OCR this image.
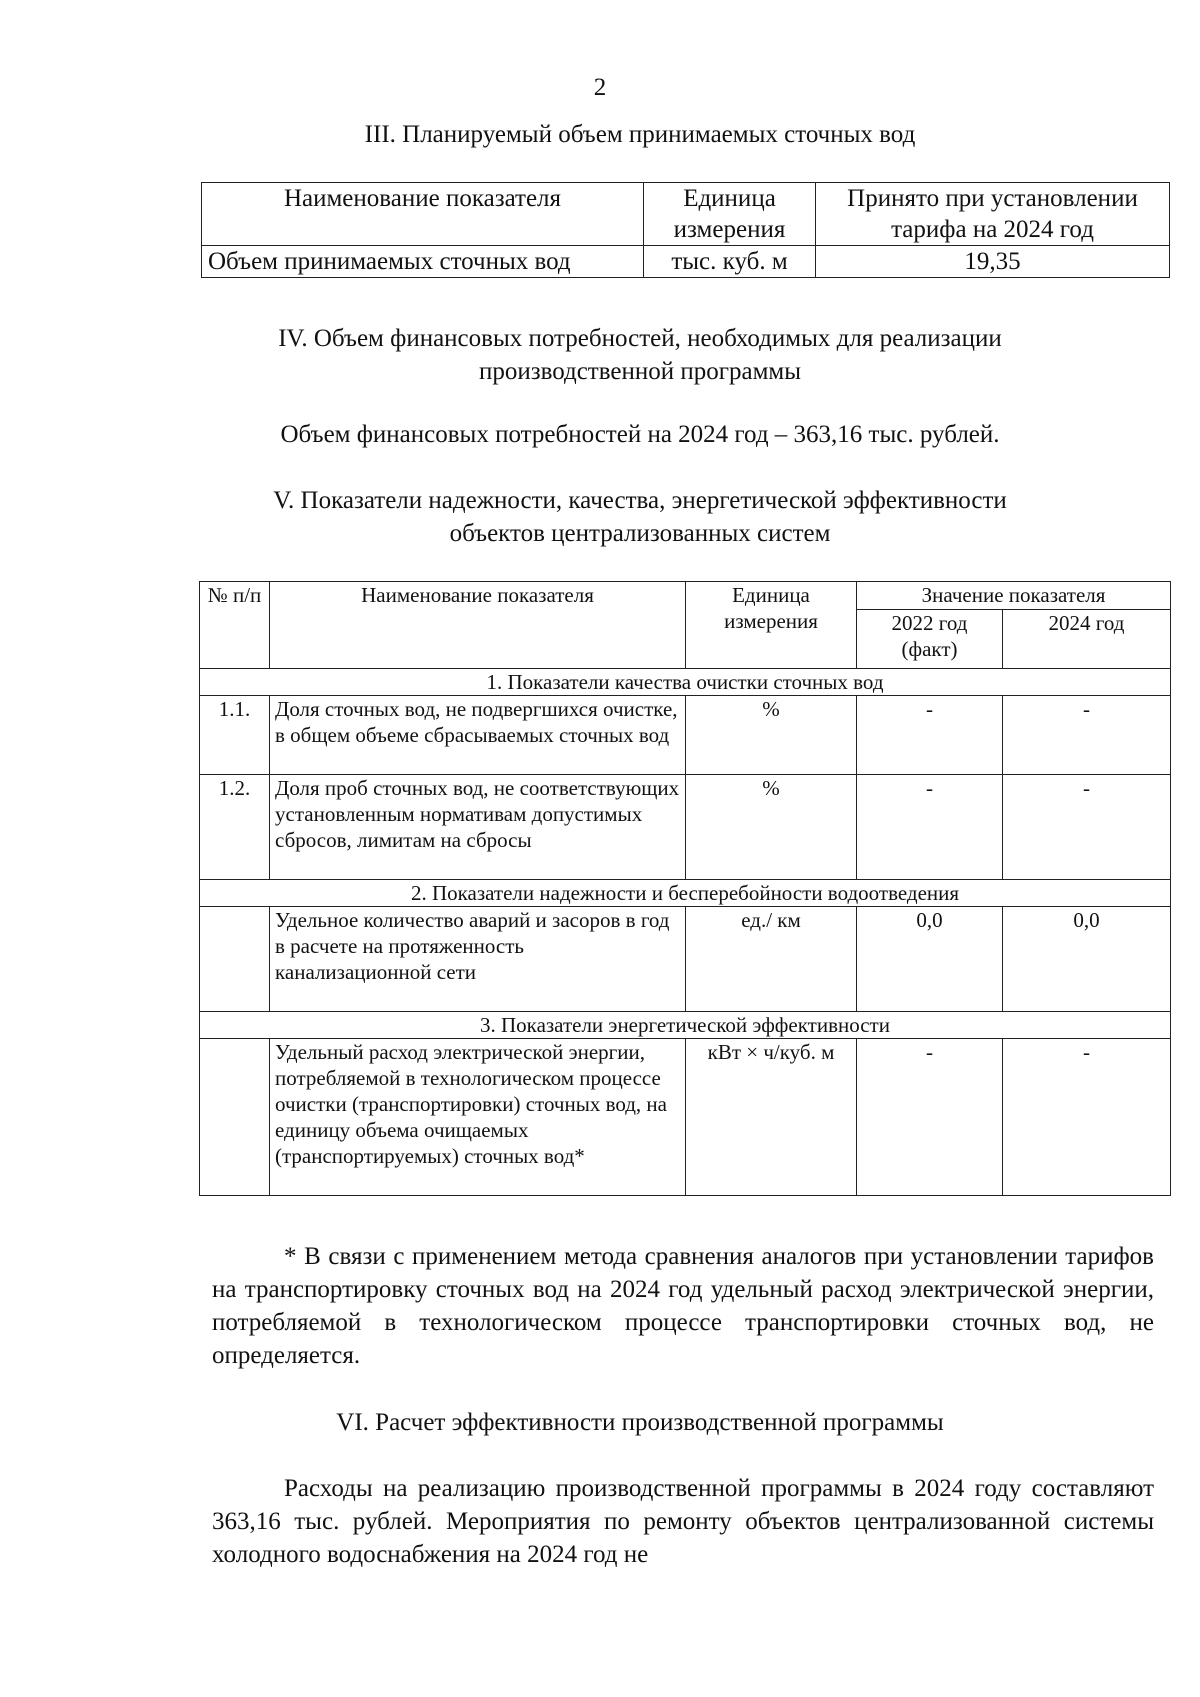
2
III. Планируемый объем принимаемых сточных вод
Наименование показателя	Единица измерения	Принято при установлении тарифа на 2024 год
Объем принимаемых сточных вод	тыс. куб. м	19,35
IV. Объем финансовых потребностей, необходимых для реализации
производственной программы
Объем финансовых потребностей на 2024 год – 363,16 тыс. рублей.
V. Показатели надежности, качества, энергетической эффективности
объектов централизованных систем
№ п/п	Наименование показателя	Единица измерения	Значение показателя	
			2022 год (факт)	2024 год
1. Показатели качества очистки сточных вод				
1.1.	Доля сточных вод, не подвергшихся очистке, в общем объеме сбрасываемых сточных вод	%	-	-
1.2.	Доля проб сточных вод, не соответствующих установленным нормативам допустимых сбросов, лимитам на сбросы	%	-	-
2. Показатели надежности и бесперебойности водоотведения				
	Удельное количество аварий и засоров в год в расчете на протяженность канализационной сети	ед./ км	0,0	0,0
3. Показатели энергетической эффективности				
	Удельный расход электрической энергии, потребляемой в технологическом процессе очистки (транспортировки) сточных вод, на единицу объема очищаемых (транспортируемых) сточных вод*	кВт × ч/куб. м	-	-
* В связи с применением метода сравнения аналогов при установлении тарифов на транспортировку сточных вод на 2024 год удельный расход электрической энергии, потребляемой в технологическом процессе транспортировки сточных вод, не определяется.
VI. Расчет эффективности производственной программы
Расходы на реализацию производственной программы в 2024 году составляют 363,16 тыс. рублей. Мероприятия по ремонту объектов централизованной системы холодного водоснабжения на 2024 год не
